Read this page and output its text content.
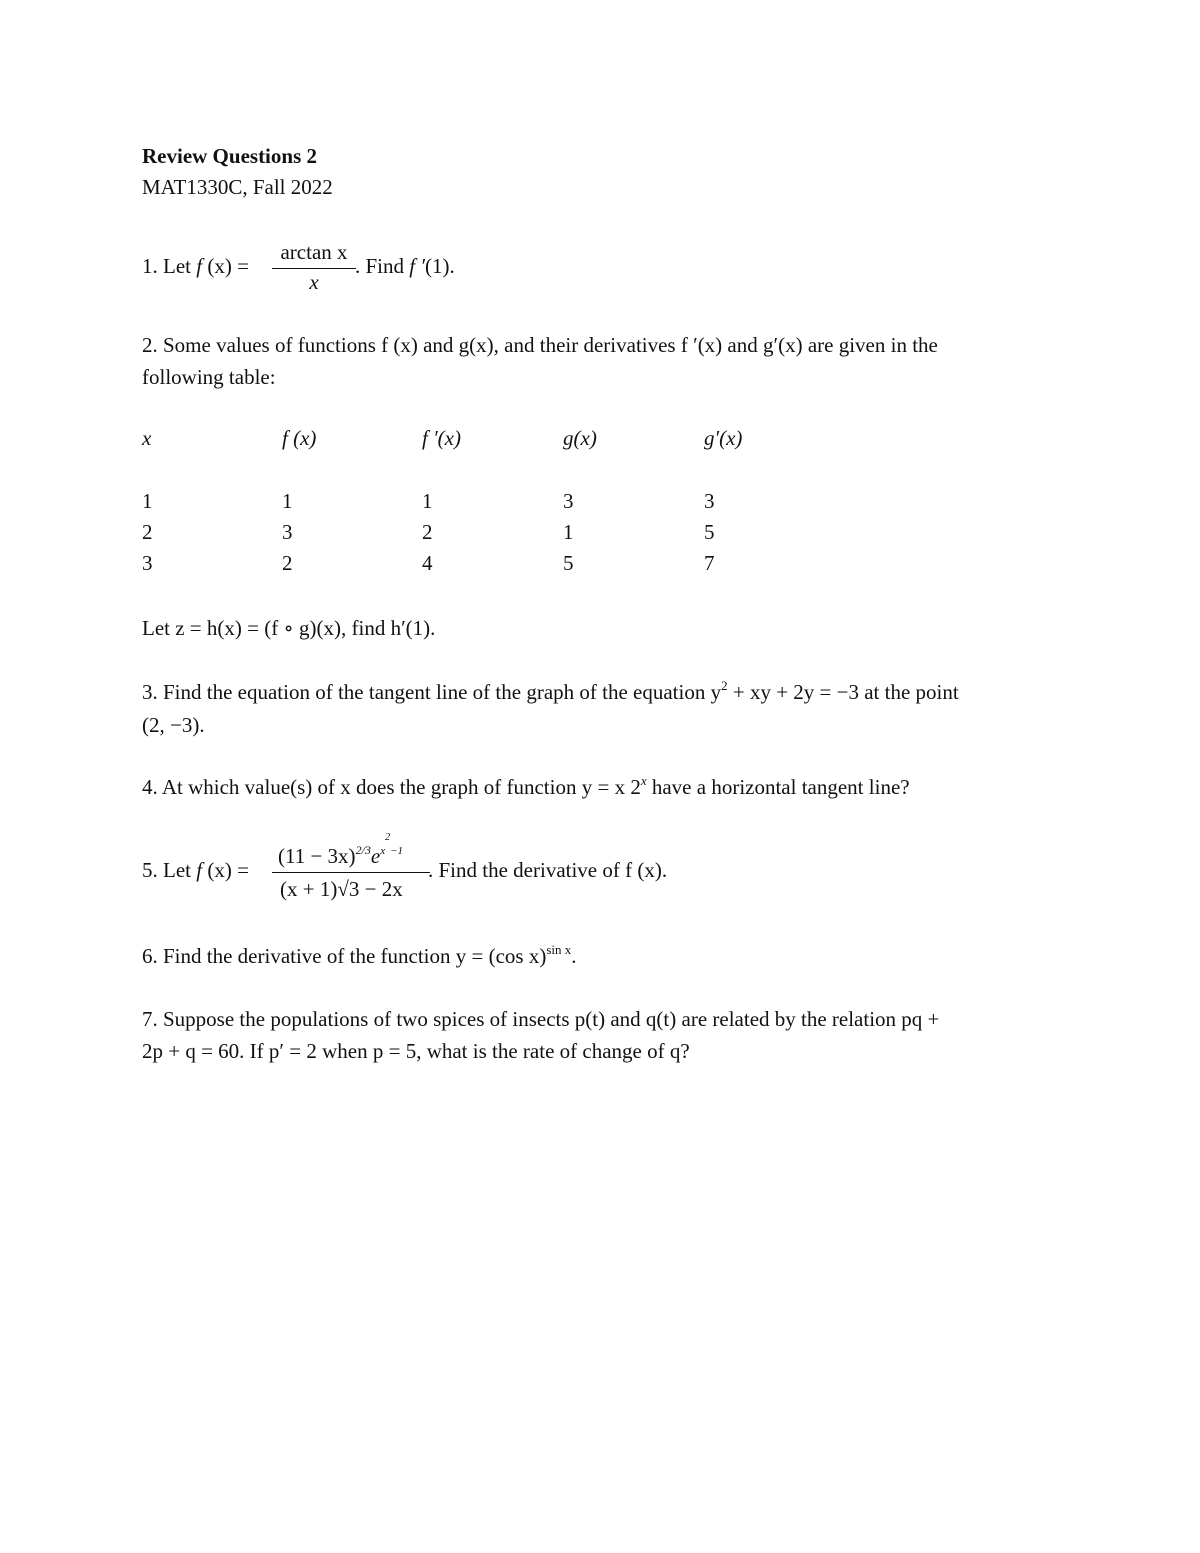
Review Questions 2
MAT1330C, Fall 2022
1. Let f (x) =
arctan x
x
. Find f ′(1).
2. Some values of functions f (x) and g(x), and their derivatives f ′(x) and g′(x) are given in the
following table:
x	f (x)	f ′(x)	g(x)	g′(x)
1	1	1	3	3
2	3	2	1	5
3	2	4	5	7
Let z = h(x) = (f ∘ g)(x), find h′(1).
3. Find the equation of the tangent line of the graph of the equation $y^2$ + xy + 2y = −3 at the point
(2, −3).
4. At which value(s) of x does the graph of function y = x 2$^x$ have a horizontal tangent line?
5. Let f (x) =
$(11 - 3x)^{2/3}e^{x2-1}$
(x + 1)√3 − 2x
. Find the derivative of f (x).
6. Find the derivative of the function y = (cos x)$^{sin x}$.
7. Suppose the populations of two spices of insects p(t) and q(t) are related by the relation pq +
2p + q = 60. If p′ = 2 when p = 5, what is the rate of change of q?
